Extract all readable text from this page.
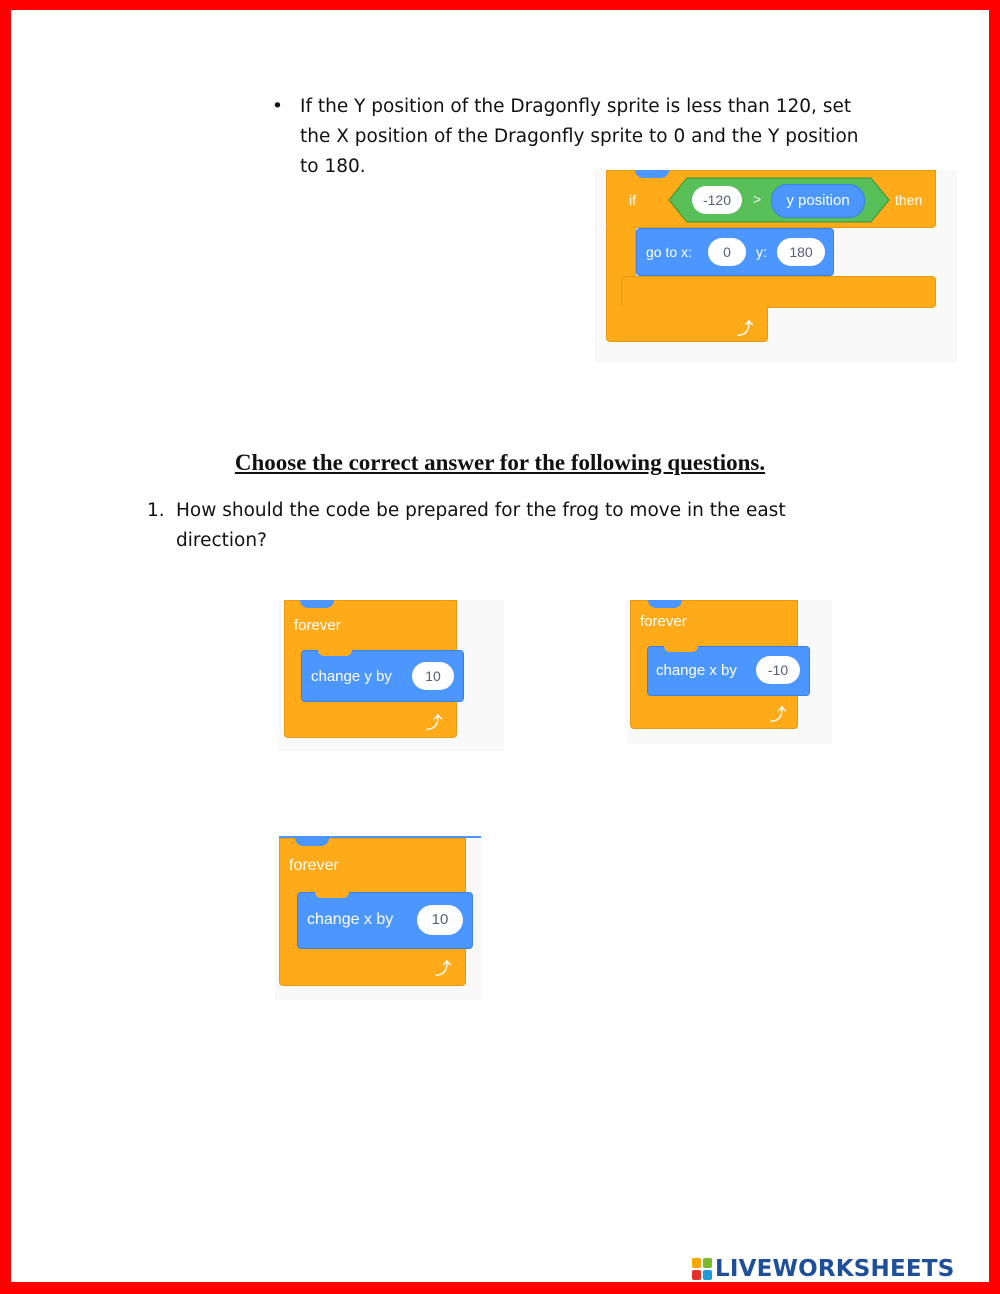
• If the Y position of the Dragonfly sprite is less than 120, set the X position of the Dragonfly sprite to 0 and the Y position to 180.
⤴
if	-120	>	y position	then
go to x:	0	y:	180
Choose the correct answer for the following questions.
1. How should the code be prepared for the frog to move in the east direction?
forever
change y by	10
⤴
forever
change x by	-10
⤴
forever
change x by	10
⤴
LIVEWORKSHEETS
